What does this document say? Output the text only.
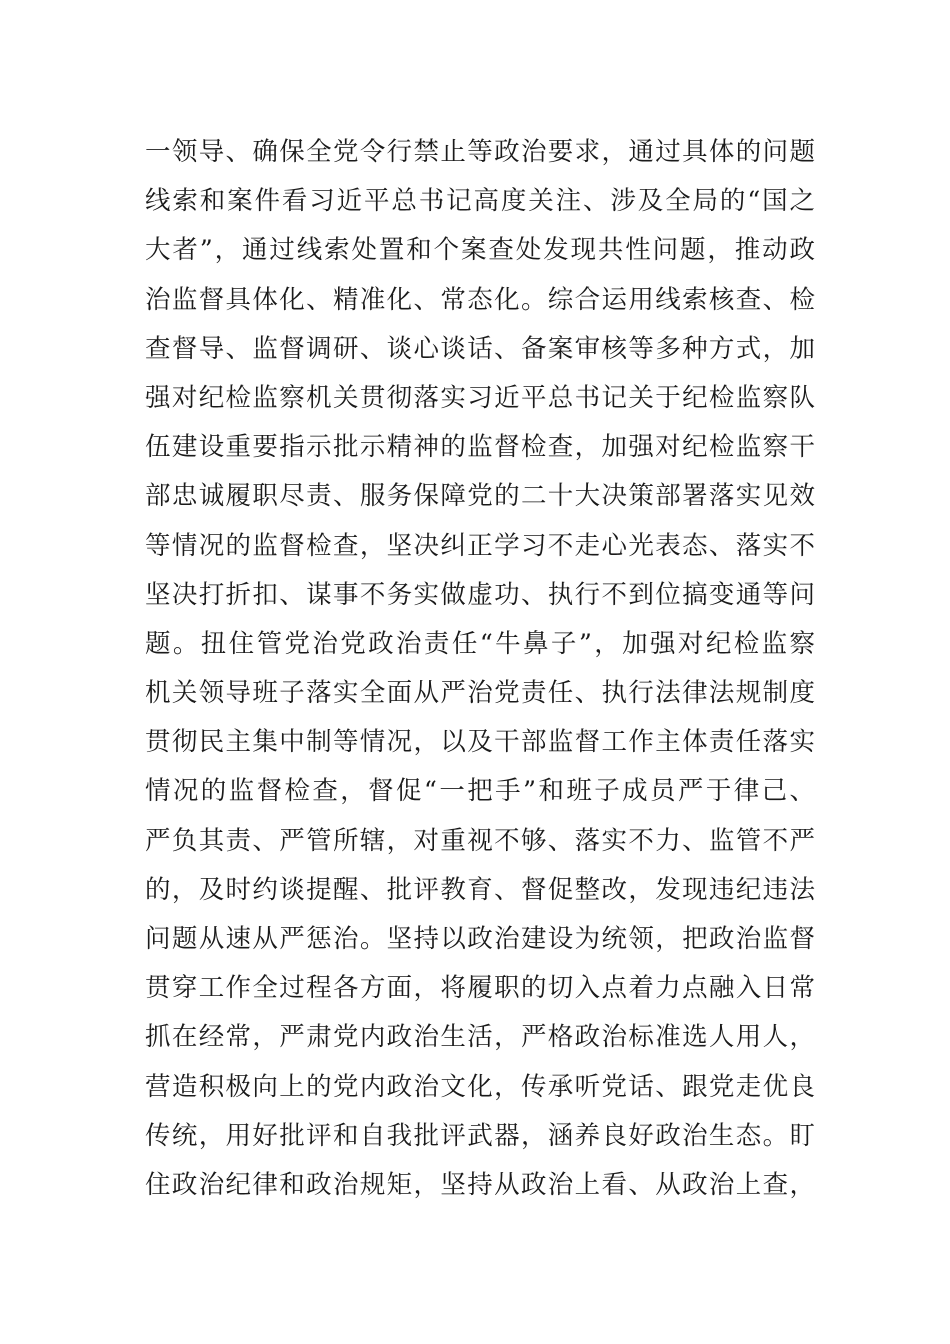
一领导、确保全党令行禁止等政治要求，通过具体的问题
线索和案件看习近平总书记高度关注、涉及全局的“国之
大者”，通过线索处置和个案查处发现共性问题，推动政
治监督具体化、精准化、常态化。综合运用线索核查、检
查督导、监督调研、谈心谈话、备案审核等多种方式，加
强对纪检监察机关贯彻落实习近平总书记关于纪检监察队
伍建设重要指示批示精神的监督检查，加强对纪检监察干
部忠诚履职尽责、服务保障党的二十大决策部署落实见效
等情况的监督检查，坚决纠正学习不走心光表态、落实不
坚决打折扣、谋事不务实做虚功、执行不到位搞变通等问
题。扭住管党治党政治责任“牛鼻子”，加强对纪检监察
机关领导班子落实全面从严治党责任、执行法律法规制度
贯彻民主集中制等情况，以及干部监督工作主体责任落实
情况的监督检查，督促“一把手”和班子成员严于律己、
严负其责、严管所辖，对重视不够、落实不力、监管不严
的，及时约谈提醒、批评教育、督促整改，发现违纪违法
问题从速从严惩治。坚持以政治建设为统领，把政治监督
贯穿工作全过程各方面，将履职的切入点着力点融入日常
抓在经常，严肃党内政治生活，严格政治标准选人用人，
营造积极向上的党内政治文化，传承听党话、跟党走优良
传统，用好批评和自我批评武器，涵养良好政治生态。盯
住政治纪律和政治规矩，坚持从政治上看、从政治上查，
